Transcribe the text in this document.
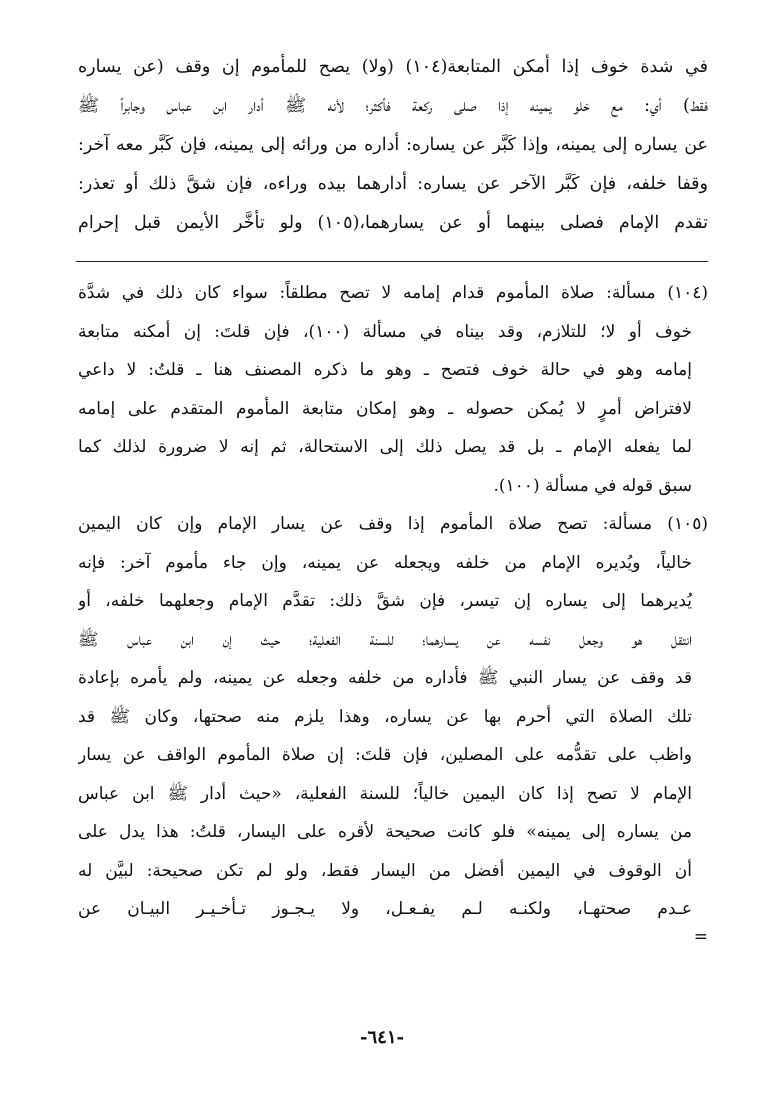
في شدة خوف إذا أمكن المتابعة(١٠٤) (ولا) يصح للمأموم إن وقف (عن يساره
فقط) أي: مع خلو يمينه إذا صلى ركعة فأكثر؛ لأنه ﷺ أدار ابن عباس وجابراً ﷺ
عن يساره إلى يمينه، وإذا كَبَّر عن يساره: أداره من ورائه إلى يمينه، فإن كَبَّر معه آخر:
وقفا خلفه، فإن كَبَّر الآخر عن يساره: أدارهما بيده وراءه، فإن شقَّ ذلك أو تعذر:
تقدم الإمام فصلى بينهما أو عن يسارهما،(١٠٥) ولو تأخَّر الأيمن قبل إحرام
(١٠٤) مسألة: صلاة المأموم قدام إمامه لا تصح مطلقاً: سواء كان ذلك في شدَّة
خوف أو لا؛ للتلازم، وقد بيناه في مسألة (١٠٠)، فإن قلتَ: إن أمكنه متابعة
إمامه وهو في حالة خوف فتصح ـ وهو ما ذكره المصنف هنا ـ قلتُ: لا داعي
لافتراض أمرٍ لا يُمكن حصوله ـ وهو إمكان متابعة المأموم المتقدم على إمامه
لما يفعله الإمام ـ بل قد يصل ذلك إلى الاستحالة، ثم إنه لا ضرورة لذلك كما
سبق قوله في مسألة (١٠٠).
(١٠٥) مسألة: تصح صلاة المأموم إذا وقف عن يسار الإمام وإن كان اليمين
خالياً، ويُديره الإمام من خلفه ويجعله عن يمينه، وإن جاء مأموم آخر: فإنه
يُديرهما إلى يساره إن تيسر، فإن شقَّ ذلك: تقدَّم الإمام وجعلهما خلفه، أو
انتقل هو وجعل نفسه عن يسارهما؛ للسنة الفعلية؛ حيث إن ابن عباس ﷺ
قد وقف عن يسار النبي ﷺ فأداره من خلفه وجعله عن يمينه، ولم يأمره بإعادة
تلك الصلاة التي أحرم بها عن يساره، وهذا يلزم منه صحتها، وكان ﷺ قد
واظب على تقدُّمه على المصلين، فإن قلتَ: إن صلاة المأموم الواقف عن يسار
الإمام لا تصح إذا كان اليمين خالياً؛ للسنة الفعلية، «حيث أدار ﷺ ابن عباس
من يساره إلى يمينه» فلو كانت صحيحة لأقره على اليسار، قلتُ: هذا يدل على
أن الوقوف في اليمين أفضل من اليسار فقط، ولو لم تكن صحيحة: لبيَّن له
عـدم صحتهـا، ولكنـه لـم يفـعـل، ولا يـجـوز تـأخـيـر البيـان عن
=
-٦٤١-
